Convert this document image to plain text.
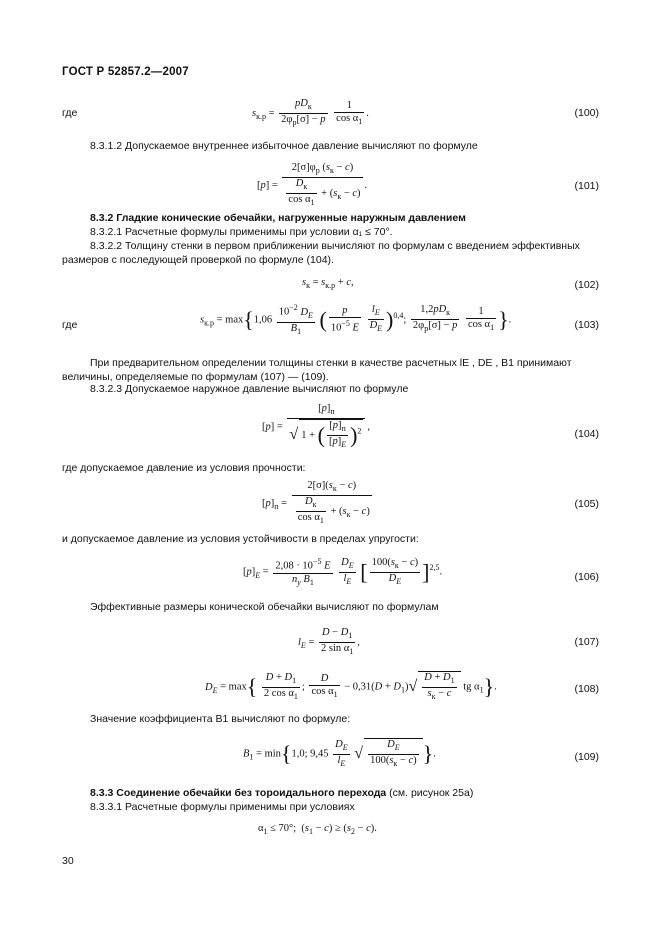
ГОСТ Р 52857.2—2007
где	$s_{к.р} = \frac{pD_к}{2\varphi_р[\sigma] - p}$
$\frac{1}{\cos \alpha_1}$ .	(100)
8.3.1.2 Допускаемое внутреннее избыточное давление вычисляют по формуле
$[p] = \frac{2[\sigma]\varphi_р (s_к - c)}{\frac{D_к}{\cos \alpha_1} + (s_к - c)}$ .	(101)
8.3.2 Гладкие конические обечайки, нагруженные наружным давлением
8.3.2.1 Расчетные формулы применимы при условии α₁ ≤ 70°.
8.3.2.2 Толщину стенки в первом приближении вычисляют по формулам с введением эффективных размеров с последующей проверкой по формуле (104).
$s_к = s_{к.р} + c$,	(102)
где	$s_{к.р} = \max\{1,06 \frac{10^{-2} D_E}{B_1}$ ( $\frac{p}{10^{-5} E}$
$\frac{l_E}{D_E} )^{0,4}$; $\frac{1,2pD_к}{2\varphi_р[\sigma] - p}$
$\frac{1}{\cos \alpha_1}$ }.	(103)
При предварительном определении толщины стенки в качестве расчетных lE , DE , B1 принимают величины, определяемые по формулам (107) — (109).
8.3.2.3 Допускаемое наружное давление вычисляют по формуле
$[p] = \frac{[p]_п}{√ 1 + ( \frac{[p]_п}{[p]_E} )^2}$ ,
(104)
где допускаемое давление из условия прочности:
$[p]_п = \frac{2[\sigma](s_к - c)}{\frac{D_к}{\cos \alpha_1} + (s_к - c)}$	(105)
и допускаемое давление из условия устойчивости в пределах упругости:
$[p]_E = \frac{2,08 \cdot 10^{-5} E}{n_y B_1}$
$\frac{D_E}{l_E}$ [ $\frac{100(s_к - c)}{D_E} ]^{2,5}$.	(106)
Эффективные размеры конической обечайки вычисляют по формулам
$l_E = \frac{D - D_1}{2 \sin \alpha_1}$ ,	(107)
$D_E = \max\{ \frac{D + D_1}{2 \cos \alpha_1}$ ; $\frac{D}{\cos \alpha_1} - 0,31(D + D_1)√ \frac{D + D_1}{s_к - c}$ tg $\alpha_1$}.	(108)
Значение коэффициента B1 вычисляют по формуле:
$B_1 = \min\{1,0$; $9,45 \frac{D_E}{l_E}$ √ $\frac{D_E}{100(s_к - c)}$ }.	(109)
8.3.3 Соединение обечайки без тороидального перехода (см. рисунок 25а)
8.3.3.1 Расчетные формулы применимы при условиях
$\alpha_1 \le 70^\circ$;  $(s_1 - c) \ge (s_2 - c)$.
30
